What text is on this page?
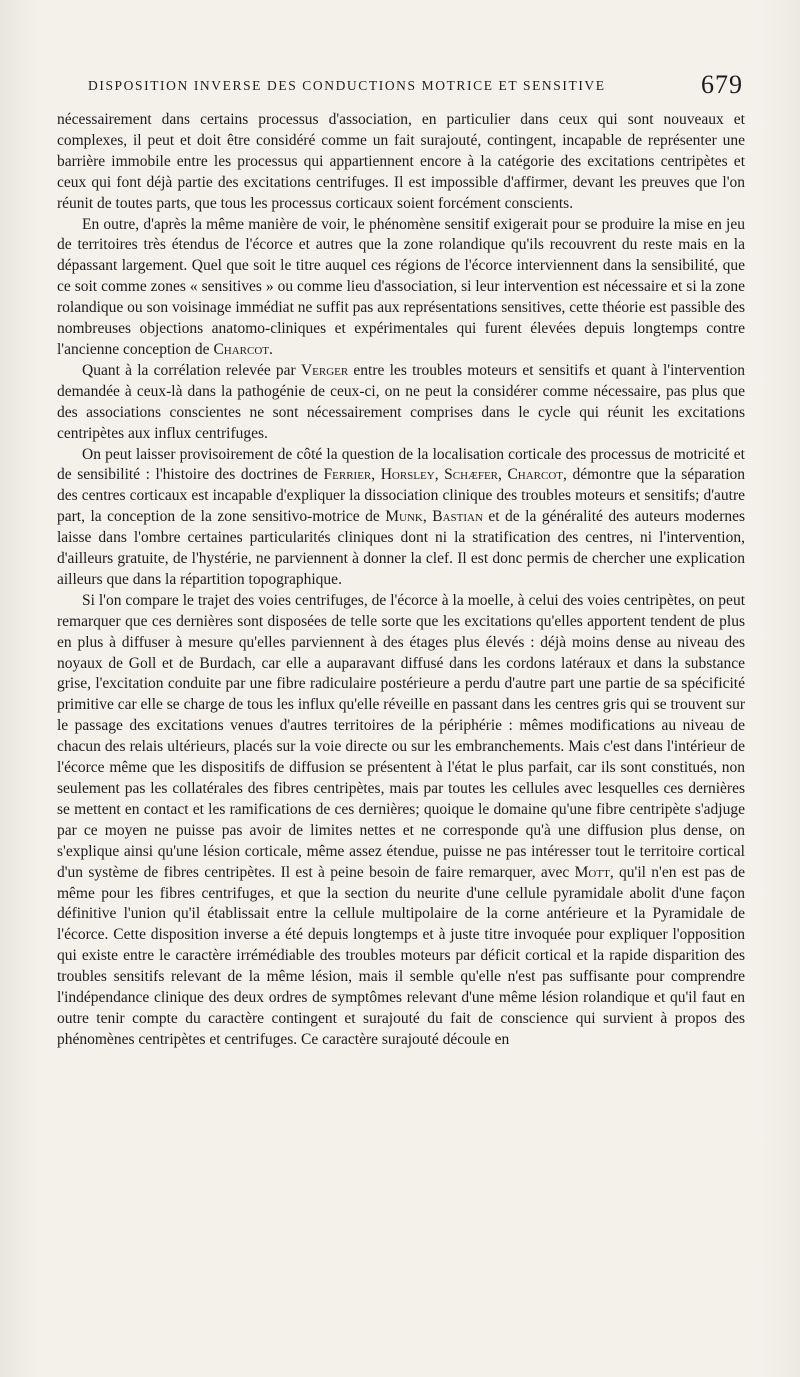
DISPOSITION INVERSE DES CONDUCTIONS MOTRICE ET SENSITIVE	679

nécessairement dans certains processus d'association, en particulier dans ceux qui sont nouveaux et complexes, il peut et doit être considéré comme un fait surajouté, contingent, incapable de représenter une barrière immobile entre les processus qui appartiennent encore à la catégorie des excitations centripètes et ceux qui font déjà partie des excitations centrifuges. Il est impossible d'affirmer, devant les preuves que l'on réunit de toutes parts, que tous les processus corticaux soient forcément conscients.

En outre, d'après la même manière de voir, le phénomène sensitif exigerait pour se produire la mise en jeu de territoires très étendus de l'écorce et autres que la zone rolandique qu'ils recouvrent du reste mais en la dépassant largement. Quel que soit le titre auquel ces régions de l'écorce interviennent dans la sensibilité, que ce soit comme zones « sensitives » ou comme lieu d'association, si leur intervention est nécessaire et si la zone rolandique ou son voisinage immédiat ne suffit pas aux représentations sensitives, cette théorie est passible des nombreuses objections anatomo-cliniques et expérimentales qui furent élevées depuis longtemps contre l'ancienne conception de Charcot.

Quant à la corrélation relevée par Verger entre les troubles moteurs et sensitifs et quant à l'intervention demandée à ceux-là dans la pathogénie de ceux-ci, on ne peut la considérer comme nécessaire, pas plus que des associations conscientes ne sont nécessairement comprises dans le cycle qui réunit les excitations centripètes aux influx centrifuges.

On peut laisser provisoirement de côté la question de la localisation corticale des processus de motricité et de sensibilité : l'histoire des doctrines de Ferrier, Horsley, Schæfer, Charcot, démontre que la séparation des centres corticaux est incapable d'expliquer la dissociation clinique des troubles moteurs et sensitifs; d'autre part, la conception de la zone sensitivo-motrice de Munk, Bastian et de la généralité des auteurs modernes laisse dans l'ombre certaines particularités cliniques dont ni la stratification des centres, ni l'intervention, d'ailleurs gratuite, de l'hystérie, ne parviennent à donner la clef. Il est donc permis de chercher une explication ailleurs que dans la répartition topographique.

Si l'on compare le trajet des voies centrifuges, de l'écorce à la moelle, à celui des voies centripètes, on peut remarquer que ces dernières sont disposées de telle sorte que les excitations qu'elles apportent tendent de plus en plus à diffuser à mesure qu'elles parviennent à des étages plus élevés : déjà moins dense au niveau des noyaux de Goll et de Burdach, car elle a auparavant diffusé dans les cordons latéraux et dans la substance grise, l'excitation conduite par une fibre radiculaire postérieure a perdu d'autre part une partie de sa spécificité primitive car elle se charge de tous les influx qu'elle réveille en passant dans les centres gris qui se trouvent sur le passage des excitations venues d'autres territoires de la périphérie : mêmes modifications au niveau de chacun des relais ultérieurs, placés sur la voie directe ou sur les embranchements. Mais c'est dans l'intérieur de l'écorce même que les dispositifs de diffusion se présentent à l'état le plus parfait, car ils sont constitués, non seulement pas les collatérales des fibres centripètes, mais par toutes les cellules avec lesquelles ces dernières se mettent en contact et les ramifications de ces dernières; quoique le domaine qu'une fibre centripète s'adjuge par ce moyen ne puisse pas avoir de limites nettes et ne corresponde qu'à une diffusion plus dense, on s'explique ainsi qu'une lésion corticale, même assez étendue, puisse ne pas intéresser tout le territoire cortical d'un système de fibres centripètes. Il est à peine besoin de faire remarquer, avec Mott, qu'il n'en est pas de même pour les fibres centrifuges, et que la section du neurite d'une cellule pyramidale abolit d'une façon définitive l'union qu'il établissait entre la cellule multipolaire de la corne antérieure et la Pyramidale de l'écorce. Cette disposition inverse a été depuis longtemps et à juste titre invoquée pour expliquer l'opposition qui existe entre le caractère irrémédiable des troubles moteurs par déficit cortical et la rapide disparition des troubles sensitifs relevant de la même lésion, mais il semble qu'elle n'est pas suffisante pour comprendre l'indépendance clinique des deux ordres de symptômes relevant d'une même lésion rolandique et qu'il faut en outre tenir compte du caractère contingent et surajouté du fait de conscience qui survient à propos des phénomènes centripètes et centrifuges. Ce caractère surajouté découle en
